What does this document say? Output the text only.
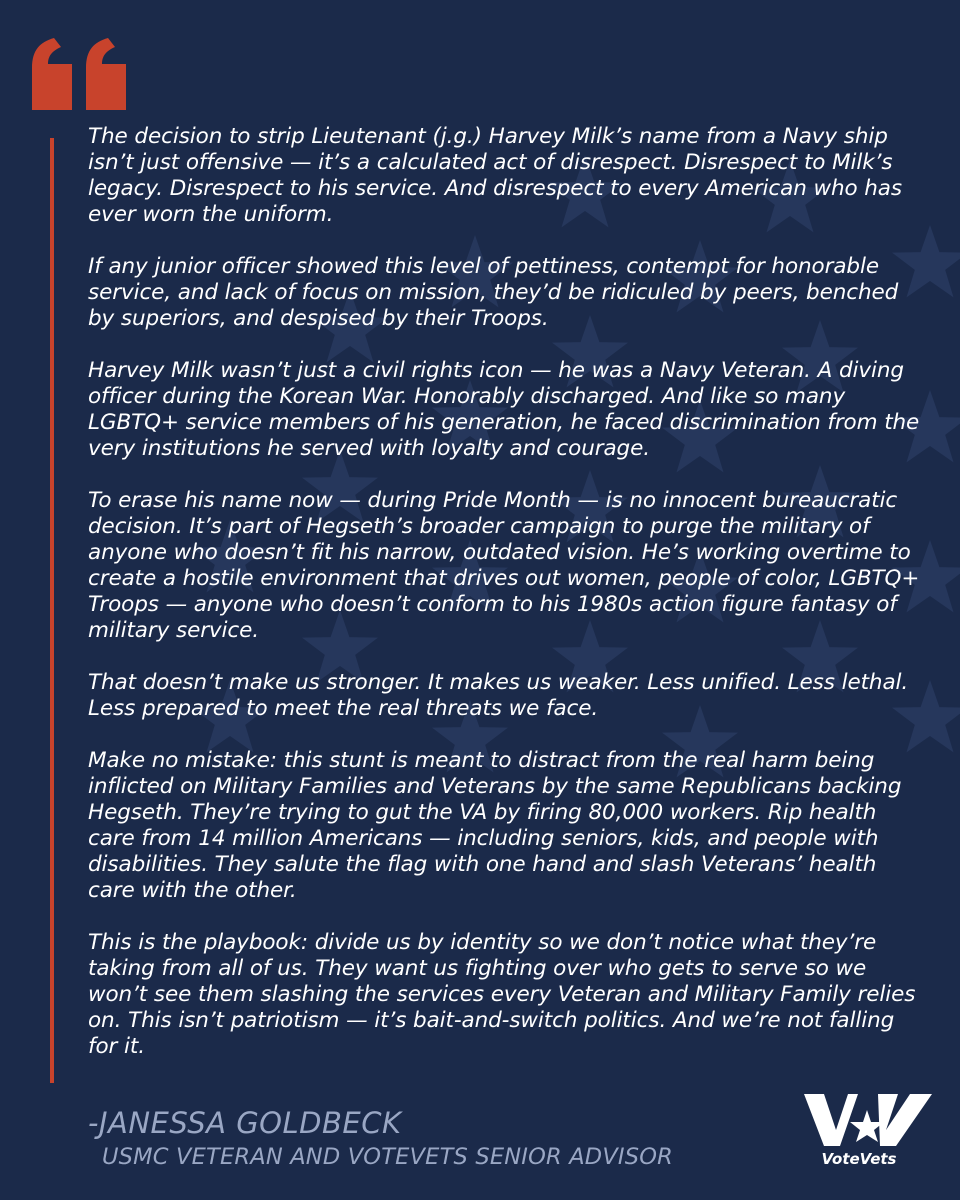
The decision to strip Lieutenant (j.g.) Harvey Milk’s name from a Navy ship isn’t just offensive — it’s a calculated act of disrespect. Disrespect to Milk’s legacy. Disrespect to his service. And disrespect to every American who has ever worn the uniform.

If any junior officer showed this level of pettiness, contempt for honorable service, and lack of focus on mission, they’d be ridiculed by peers, benched by superiors, and despised by their Troops.

Harvey Milk wasn’t just a civil rights icon — he was a Navy Veteran. A diving officer during the Korean War. Honorably discharged. And like so many LGBTQ+ service members of his generation, he faced discrimination from the very institutions he served with loyalty and courage.

To erase his name now — during Pride Month — is no innocent bureaucratic decision. It’s part of Hegseth’s broader campaign to purge the military of anyone who doesn’t fit his narrow, outdated vision. He’s working overtime to create a hostile environment that drives out women, people of color, LGBTQ+ Troops — anyone who doesn’t conform to his 1980s action figure fantasy of military service.

That doesn’t make us stronger. It makes us weaker. Less unified. Less lethal. Less prepared to meet the real threats we face.

Make no mistake: this stunt is meant to distract from the real harm being inflicted on Military Families and Veterans by the same Republicans backing Hegseth. They’re trying to gut the VA by firing 80,000 workers. Rip health care from 14 million Americans — including seniors, kids, and people with disabilities. They salute the flag with one hand and slash Veterans’ health care with the other.

This is the playbook: divide us by identity so we don’t notice what they’re taking from all of us. They want us fighting over who gets to serve so we won’t see them slashing the services every Veteran and Military Family relies on. This isn’t patriotism — it’s bait-and-switch politics. And we’re not falling for it.

-JANESSA GOLDBECK
USMC VETERAN AND VOTEVETS SENIOR ADVISOR	VoteVets
